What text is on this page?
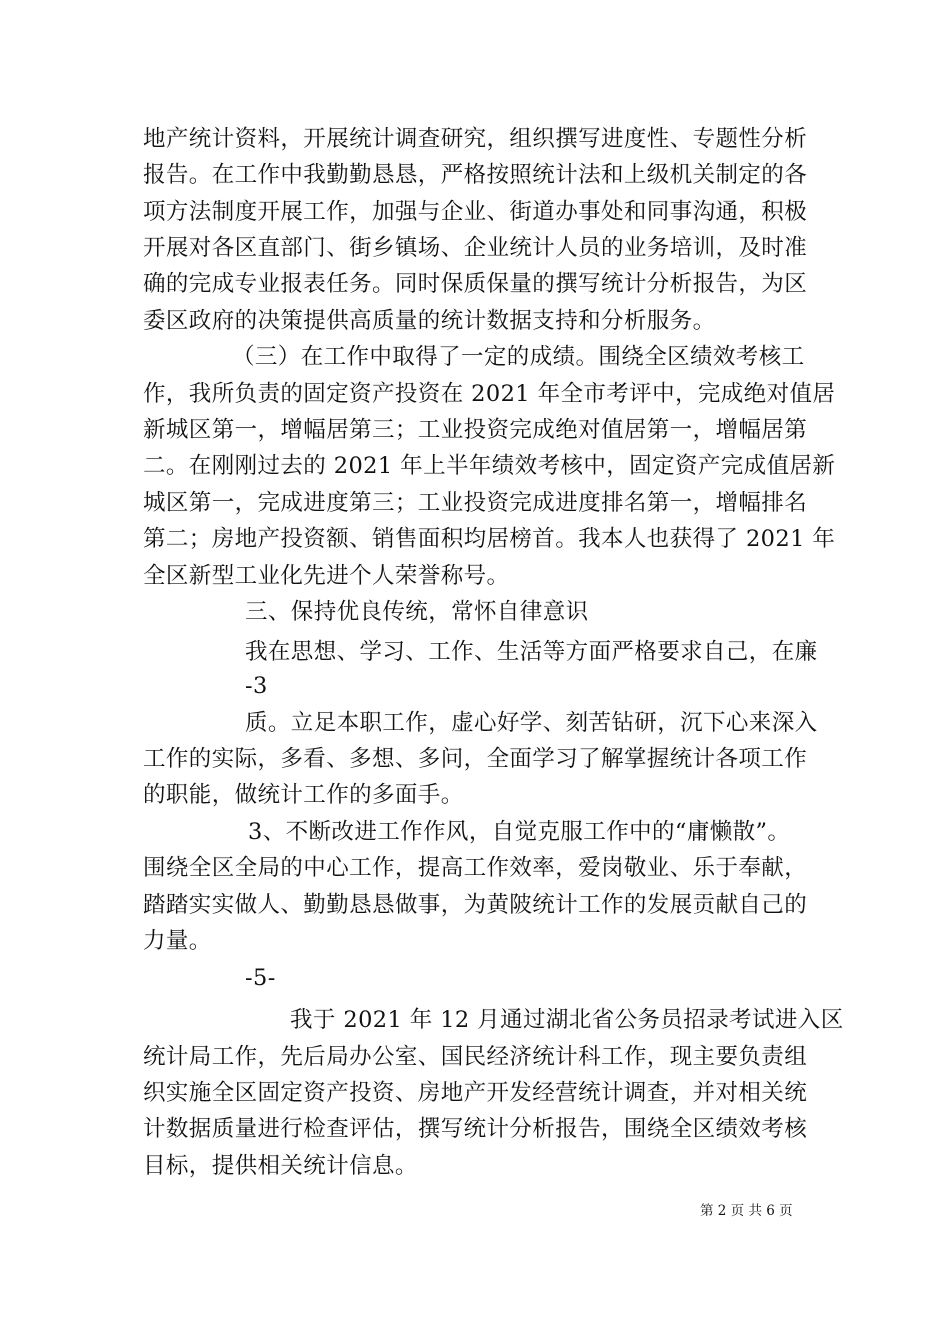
地产统计资料，开展统计调查研究，组织撰写进度性、专题性分析
报告。在工作中我勤勤恳恳，严格按照统计法和上级机关制定的各
项方法制度开展工作，加强与企业、街道办事处和同事沟通，积极
开展对各区直部门、街乡镇场、企业统计人员的业务培训，及时准
确的完成专业报表任务。同时保质保量的撰写统计分析报告，为区
委区政府的决策提供高质量的统计数据支持和分析服务。
（三）在工作中取得了一定的成绩。围绕全区绩效考核工
作，我所负责的固定资产投资在 2021 年全市考评中，完成绝对值居
新城区第一，增幅居第三；工业投资完成绝对值居第一，增幅居第
二。在刚刚过去的 2021 年上半年绩效考核中，固定资产完成值居新
城区第一，完成进度第三；工业投资完成进度排名第一，增幅排名
第二；房地产投资额、销售面积均居榜首。我本人也获得了 2021 年
全区新型工业化先进个人荣誉称号。
三、保持优良传统，常怀自律意识
我在思想、学习、工作、生活等方面严格要求自己，在廉
-3
质。立足本职工作，虚心好学、刻苦钻研，沉下心来深入
工作的实际，多看、多想、多问，全面学习了解掌握统计各项工作
的职能，做统计工作的多面手。
3、不断改进工作作风，自觉克服工作中的“庸懒散”。
围绕全区全局的中心工作，提高工作效率，爱岗敬业、乐于奉献，
踏踏实实做人、勤勤恳恳做事，为黄陂统计工作的发展贡献自己的
力量。
-5-
我于 2021 年 12 月通过湖北省公务员招录考试进入区
统计局工作，先后局办公室、国民经济统计科工作，现主要负责组
织实施全区固定资产投资、房地产开发经营统计调查，并对相关统
计数据质量进行检查评估，撰写统计分析报告，围绕全区绩效考核
目标，提供相关统计信息。
第 2 页 共 6 页
